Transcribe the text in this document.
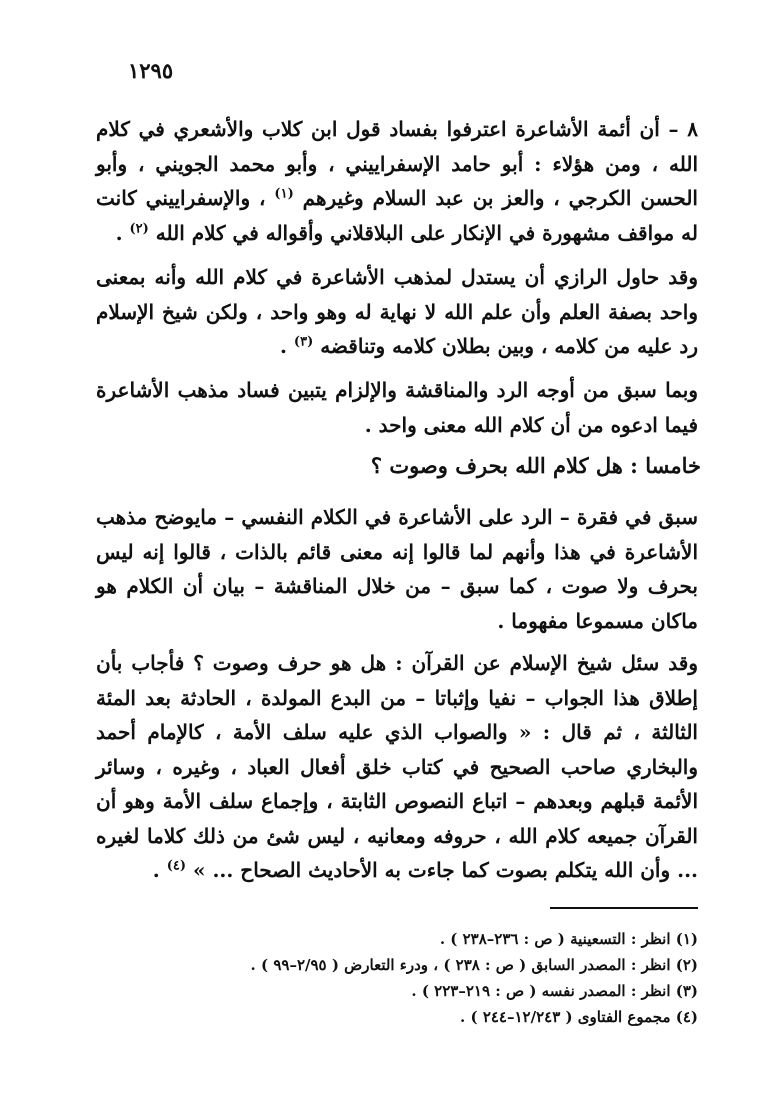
١٢٩٥

٨ – أن أئمة الأشاعرة اعترفوا بفساد قول ابن كلاب والأشعري في كلام الله ، ومن هؤلاء : أبو حامد الإسفراييني ، وأبو محمد الجويني ، وأبو الحسن الكرجي ، والعز بن عبد السلام وغيرهم $^{(١)}$ ، والإسفراييني كانت له مواقف مشهورة في الإنكار على البلاقلاني وأقواله في كلام الله $^{(٢)}$ .

وقد حاول الرازي أن يستدل لمذهب الأشاعرة في كلام الله وأنه بمعنى واحد بصفة العلم وأن علم الله لا نهاية له وهو واحد ، ولكن شيخ الإسلام رد عليه من كلامه ، وبين بطلان كلامه وتناقضه $^{(٣)}$ .

وبما سبق من أوجه الرد والمناقشة والإلزام يتبين فساد مذهب الأشاعرة فيما ادعوه من أن كلام الله معنى واحد .

خامسا : هل كلام الله بحرف وصوت ؟

سبق في فقرة – الرد على الأشاعرة في الكلام النفسي – مايوضح مذهب الأشاعرة في هذا وأنهم لما قالوا إنه معنى قائم بالذات ، قالوا إنه ليس بحرف ولا صوت ، كما سبق – من خلال المناقشة – بيان أن الكلام هو ماكان مسموعا مفهوما .

وقد سئل شيخ الإسلام عن القرآن : هل هو حرف وصوت ؟ فأجاب بأن إطلاق هذا الجواب – نفيا وإثباتا – من البدع المولدة ، الحادثة بعد المئة الثالثة ، ثم قال : « والصواب الذي عليه سلف الأمة ، كالإمام أحمد والبخاري صاحب الصحيح في كتاب خلق أفعال العباد ، وغيره ، وسائر الأئمة قبلهم وبعدهم – اتباع النصوص الثابتة ، وإجماع سلف الأمة وهو أن القرآن جميعه كلام الله ، حروفه ومعانيه ، ليس شئ من ذلك كلاما لغيره ... وأن الله يتكلم بصوت كما جاءت به الأحاديث الصحاح ... » $^{(٤)}$ .

(١) انظر : التسعينية ( ص : ٢٣٦–٢٣٨ ) .
(٢) انظر : المصدر السابق ( ص : ٢٣٨ ) ، ودرء التعارض ( ٢/٩٥–٩٩ ) .
(٣) انظر : المصدر نفسه ( ص : ٢١٩–٢٢٣ ) .
(٤) مجموع الفتاوى ( ١٢/٢٤٣–٢٤٤ ) .
